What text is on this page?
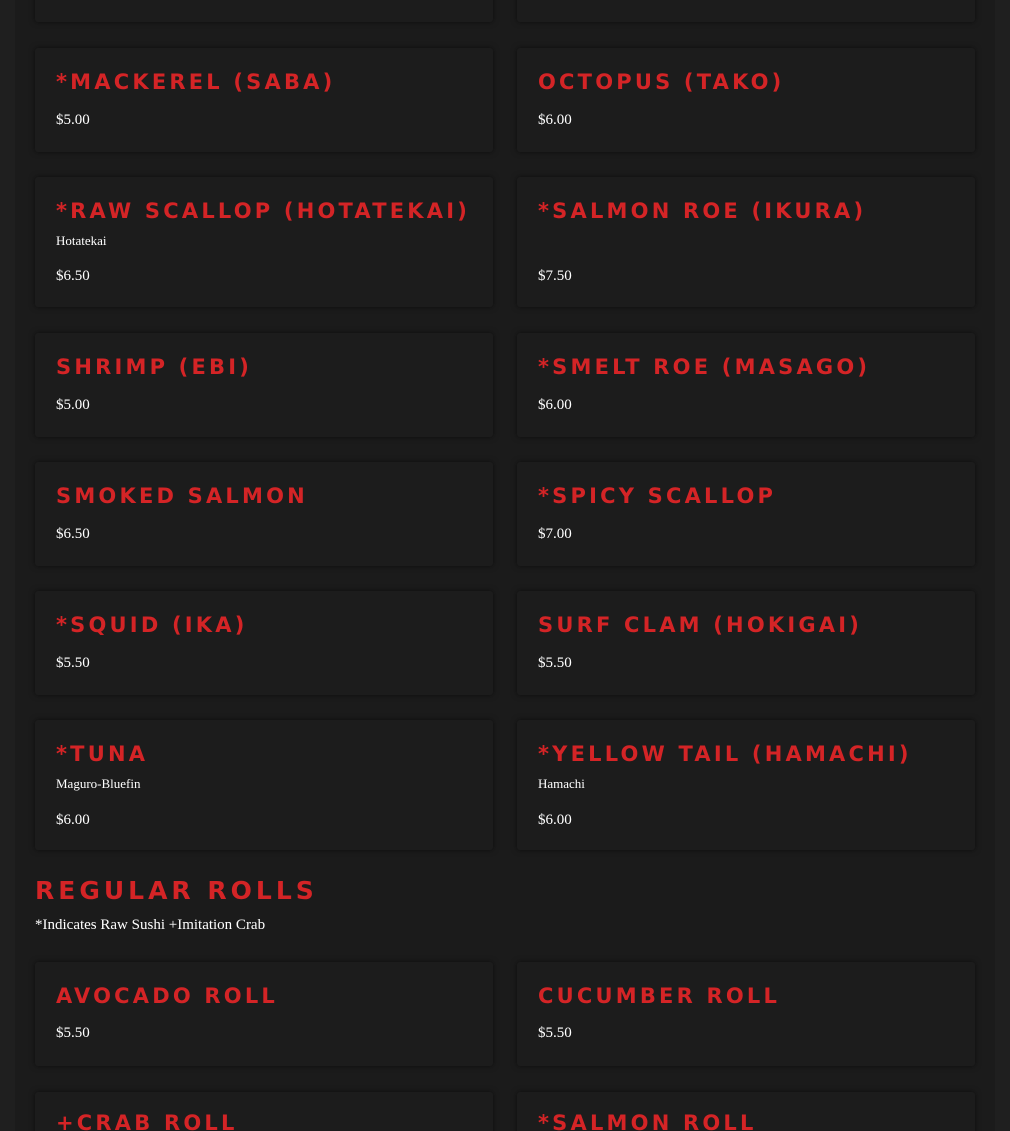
*MACKEREL (SABA)
$5.00
OCTOPUS (TAKO)
$6.00
*RAW SCALLOP (HOTATEKAI)
Hotatekai
$6.50
*SALMON ROE (IKURA)
$7.50
SHRIMP (EBI)
$5.00
*SMELT ROE (MASAGO)
$6.00
SMOKED SALMON
$6.50
*SPICY SCALLOP
$7.00
*SQUID (IKA)
$5.50
SURF CLAM (HOKIGAI)
$5.50
*TUNA
Maguro-Bluefin
$6.00
*YELLOW TAIL (HAMACHI)
Hamachi
$6.00
REGULAR ROLLS
*Indicates Raw Sushi +Imitation Crab
AVOCADO ROLL
$5.50
CUCUMBER ROLL
$5.50
+CRAB ROLL	*SALMON ROLL
